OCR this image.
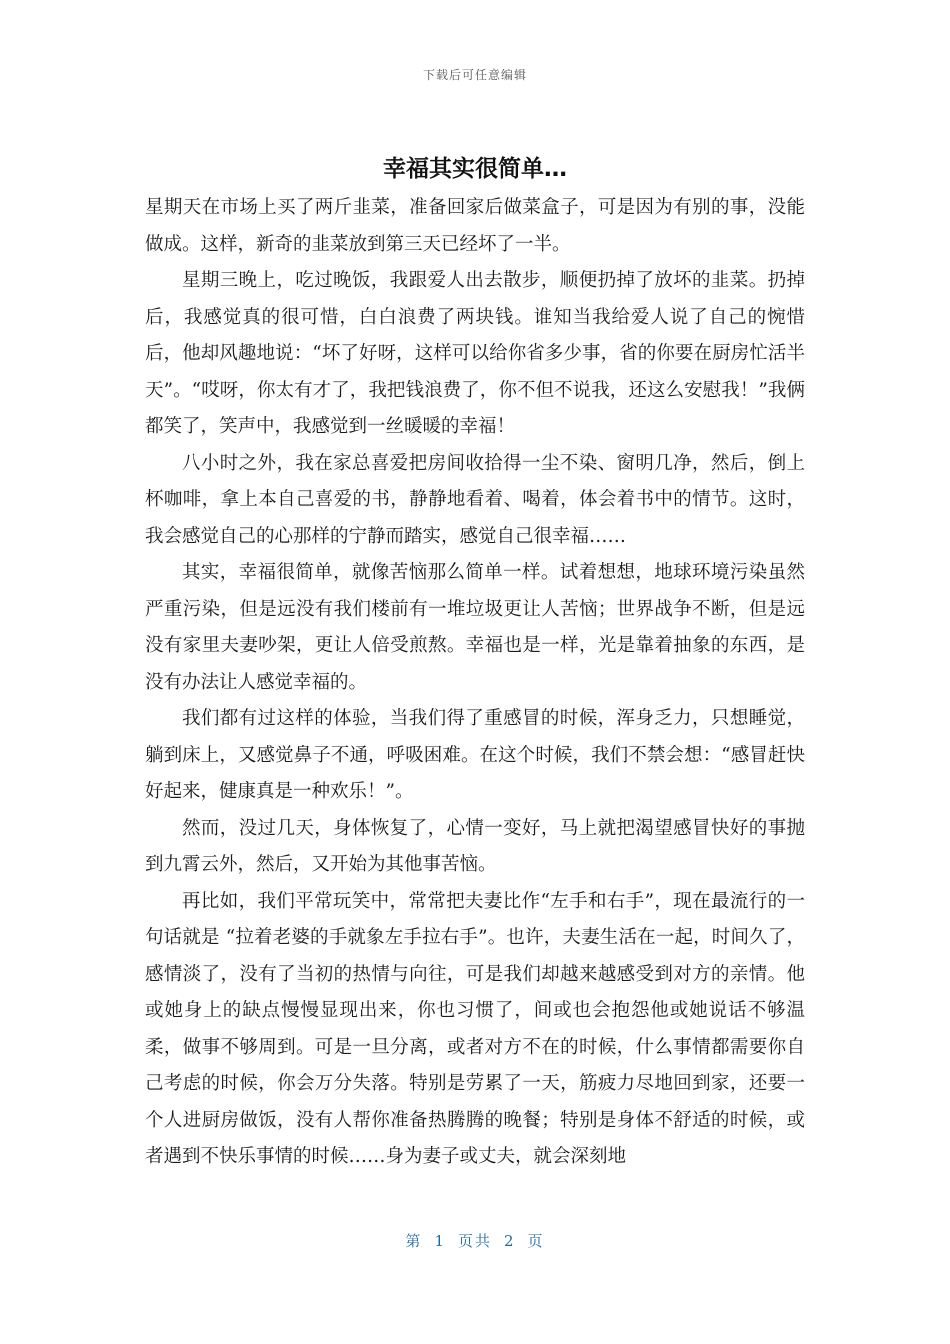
下载后可任意编辑
幸福其实很简单…

星期天在市场上买了两斤韭菜，准备回家后做菜盒子，可是因为有别的事，没能做成。这样，新奇的韭菜放到第三天已经坏了一半。

星期三晚上，吃过晚饭，我跟爱人出去散步，顺便扔掉了放坏的韭菜。扔掉后，我感觉真的很可惜，白白浪费了两块钱。谁知当我给爱人说了自己的惋惜后，他却风趣地说：“坏了好呀，这样可以给你省多少事，省的你要在厨房忙活半天”。“哎呀，你太有才了，我把钱浪费了，你不但不说我，还这么安慰我！”我俩都笑了，笑声中，我感觉到一丝暖暖的幸福！

八小时之外，我在家总喜爱把房间收拾得一尘不染、窗明几净，然后，倒上杯咖啡，拿上本自己喜爱的书，静静地看着、喝着，体会着书中的情节。这时，我会感觉自己的心那样的宁静而踏实，感觉自己很幸福……

其实，幸福很简单，就像苦恼那么简单一样。试着想想，地球环境污染虽然严重污染，但是远没有我们楼前有一堆垃圾更让人苦恼；世界战争不断，但是远没有家里夫妻吵架，更让人倍受煎熬。幸福也是一样，光是靠着抽象的东西，是没有办法让人感觉幸福的。

我们都有过这样的体验，当我们得了重感冒的时候，浑身乏力，只想睡觉，躺到床上，又感觉鼻子不通，呼吸困难。在这个时候，我们不禁会想：“感冒赶快好起来，健康真是一种欢乐！”。

然而，没过几天，身体恢复了，心情一变好，马上就把渴望感冒快好的事抛到九霄云外，然后，又开始为其他事苦恼。

再比如，我们平常玩笑中，常常把夫妻比作“左手和右手”，现在最流行的一句话就是 “拉着老婆的手就象左手拉右手”。也许，夫妻生活在一起，时间久了，感情淡了，没有了当初的热情与向往，可是我们却越来越感受到对方的亲情。他或她身上的缺点慢慢显现出来，你也习惯了，间或也会抱怨他或她说话不够温柔，做事不够周到。可是一旦分离，或者对方不在的时候，什么事情都需要你自己考虑的时候，你会万分失落。特别是劳累了一天，筋疲力尽地回到家，还要一个人进厨房做饭，没有人帮你准备热腾腾的晚餐；特别是身体不舒适的时候，或者遇到不快乐事情的时候……身为妻子或丈夫，就会深刻地

第 1 页共 2 页
